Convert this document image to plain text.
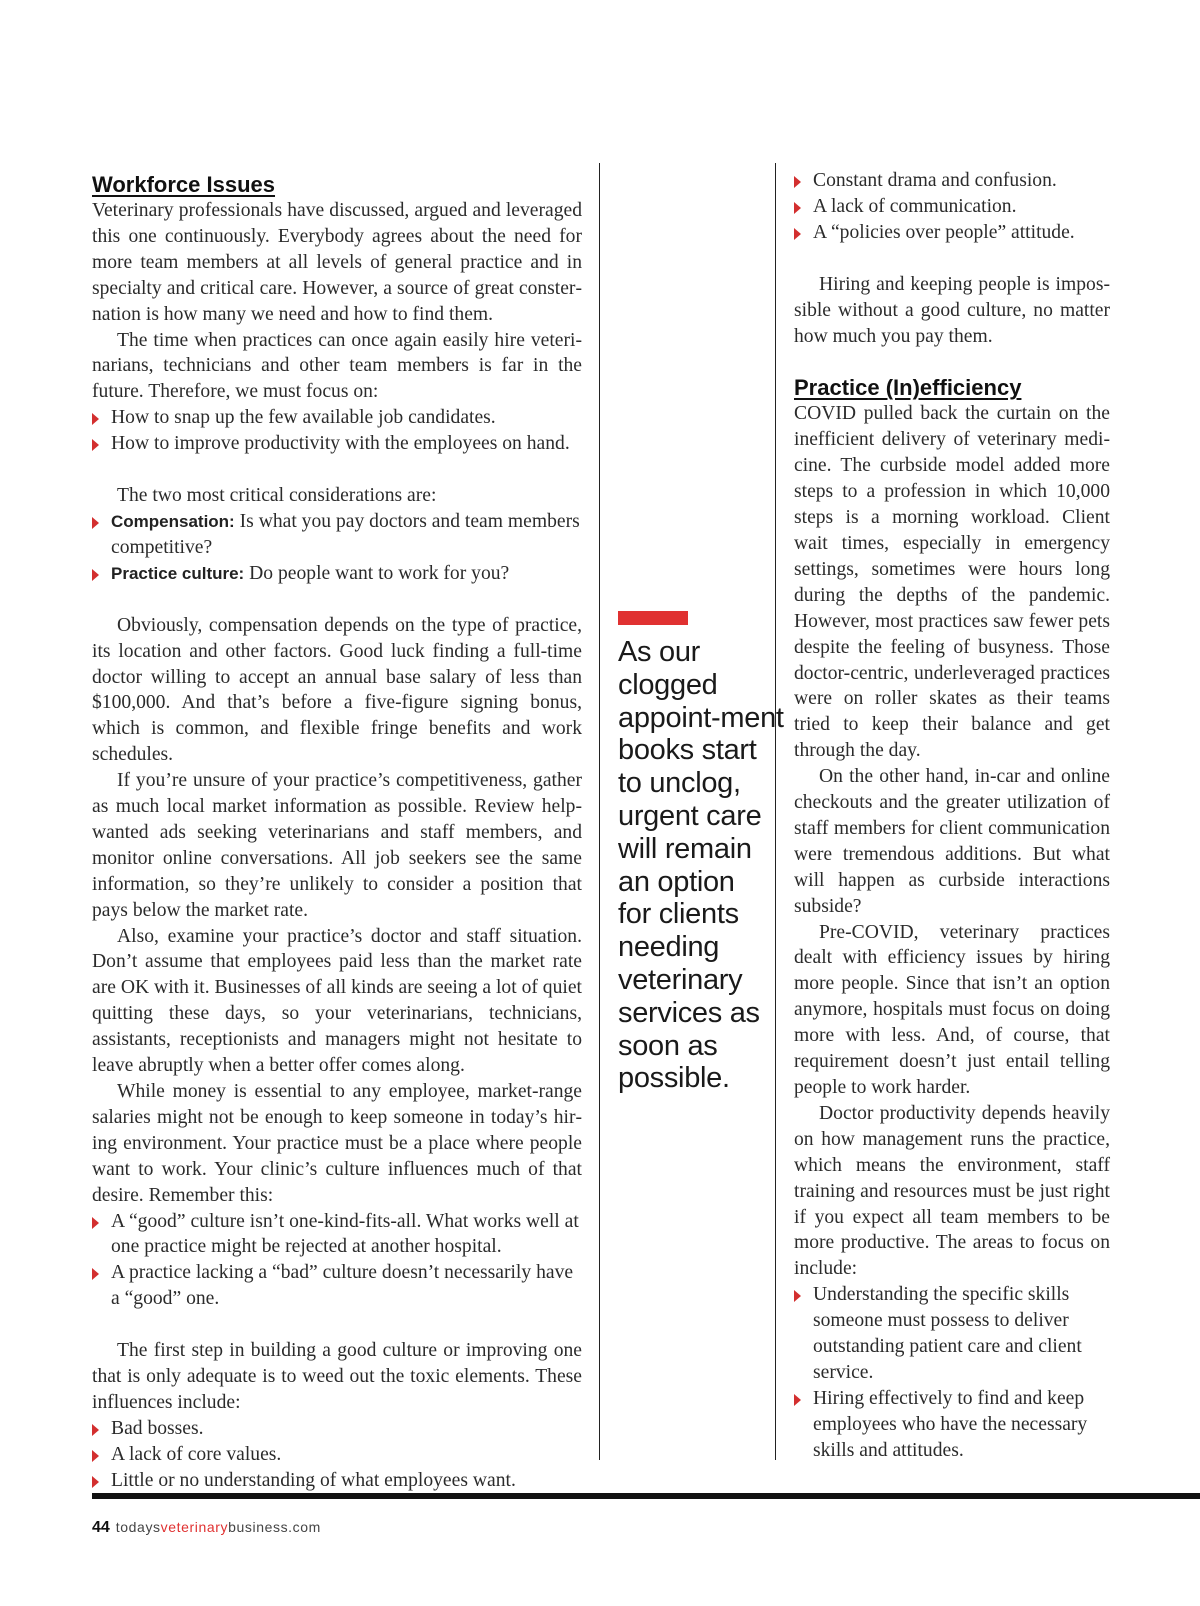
Workforce Issues

Veterinary professionals have discussed, argued and leveraged this one continuously. Everybody agrees about the need for more team members at all levels of general practice and in specialty and critical care. However, a source of great consternation is how many we need and how to find them.

The time when practices can once again easily hire veterinarians, technicians and other team members is far in the future. Therefore, we must focus on:

How to snap up the few available job candidates.
How to improve productivity with the employees on hand.

The two most critical considerations are:

Compensation: Is what you pay doctors and team members competitive?
Practice culture: Do people want to work for you?

Obviously, compensation depends on the type of practice, its location and other factors. Good luck finding a full-time doctor willing to accept an annual base salary of less than $100,000. And that’s before a five-figure signing bonus, which is common, and flexible fringe benefits and work schedules.

If you’re unsure of your practice’s competitiveness, gather as much local market information as possible. Review help-wanted ads seeking veterinarians and staff members, and monitor online conversations. All job seekers see the same information, so they’re unlikely to consider a position that pays below the market rate.

Also, examine your practice’s doctor and staff situation. Don’t assume that employees paid less than the market rate are OK with it. Businesses of all kinds are seeing a lot of quiet quitting these days, so your veterinarians, technicians, assistants, receptionists and managers might not hesitate to leave abruptly when a better offer comes along.

While money is essential to any employee, market-range salaries might not be enough to keep someone in today’s hiring environment. Your practice must be a place where people want to work. Your clinic’s culture influences much of that desire. Remember this:

A “good” culture isn’t one-kind-fits-all. What works well at one practice might be rejected at another hospital.
A practice lacking a “bad” culture doesn’t necessarily have a “good” one.

The first step in building a good culture or improving one that is only adequate is to weed out the toxic elements. These influences include:

Bad bosses.
A lack of core values.
Little or no understanding of what employees want.
As our clogged appoint‑ment books start to unclog, urgent care will remain an option for clients needing veterinary services as soon as possible.
Constant drama and confusion.
A lack of communication.
A “policies over people” attitude.

Hiring and keeping people is impossible without a good culture, no matter how much you pay them.

Practice (In)efficiency

COVID pulled back the curtain on the inefficient delivery of veterinary medicine. The curbside model added more steps to a profession in which 10,000 steps is a morning workload. Client wait times, especially in emergency settings, sometimes were hours long during the depths of the pandemic. However, most practices saw fewer pets despite the feeling of busyness. Those doctor-centric, underleveraged practices were on roller skates as their teams tried to keep their balance and get through the day.

On the other hand, in-car and online checkouts and the greater utilization of staff members for client communication were tremendous additions. But what will happen as curbside interactions subside?

Pre-COVID, veterinary practices dealt with efficiency issues by hiring more people. Since that isn’t an option anymore, hospitals must focus on doing more with less. And, of course, that requirement doesn’t just entail telling people to work harder.

Doctor productivity depends heavily on how management runs the practice, which means the environment, staff training and resources must be just right if you expect all team members to be more productive. The areas to focus on include:

Understanding the specific skills someone must possess to deliver outstanding patient care and client service.
Hiring effectively to find and keep employees who have the necessary skills and attitudes.
44 todaysveterinarybusiness.com
